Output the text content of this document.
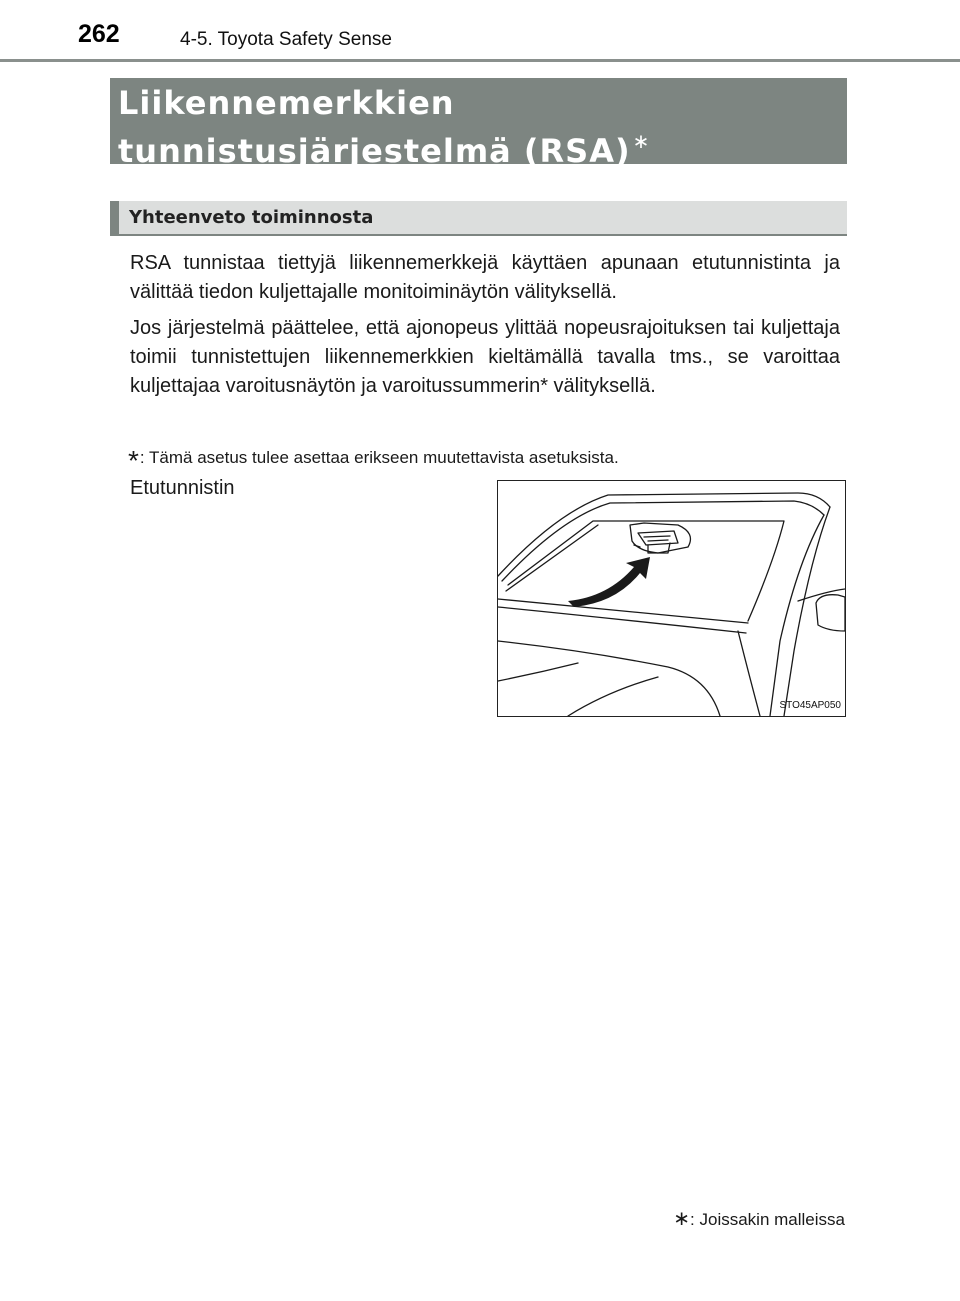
262	4-5. Toyota Safety Sense
Liikennemerkkien
tunnistusjärjestelmä (RSA) ∗
Yhteenveto toiminnosta
RSA tunnistaa tiettyjä liikennemerkkejä käyttäen apunaan etutunnistinta ja välittää tiedon kuljettajalle monitoiminäytön välityksellä.
Jos järjestelmä päättelee, että ajonopeus ylittää nopeusrajoituksen tai kuljettaja toimii tunnistettujen liikennemerkkien kieltämällä tavalla tms., se varoittaa kuljettajaa varoitusnäytön ja varoitussummerin* välityksellä.
*: Tämä asetus tulee asettaa erikseen muutettavista asetuksista.
Etutunnistin
STO45AP050
∗: Joissakin malleissa
